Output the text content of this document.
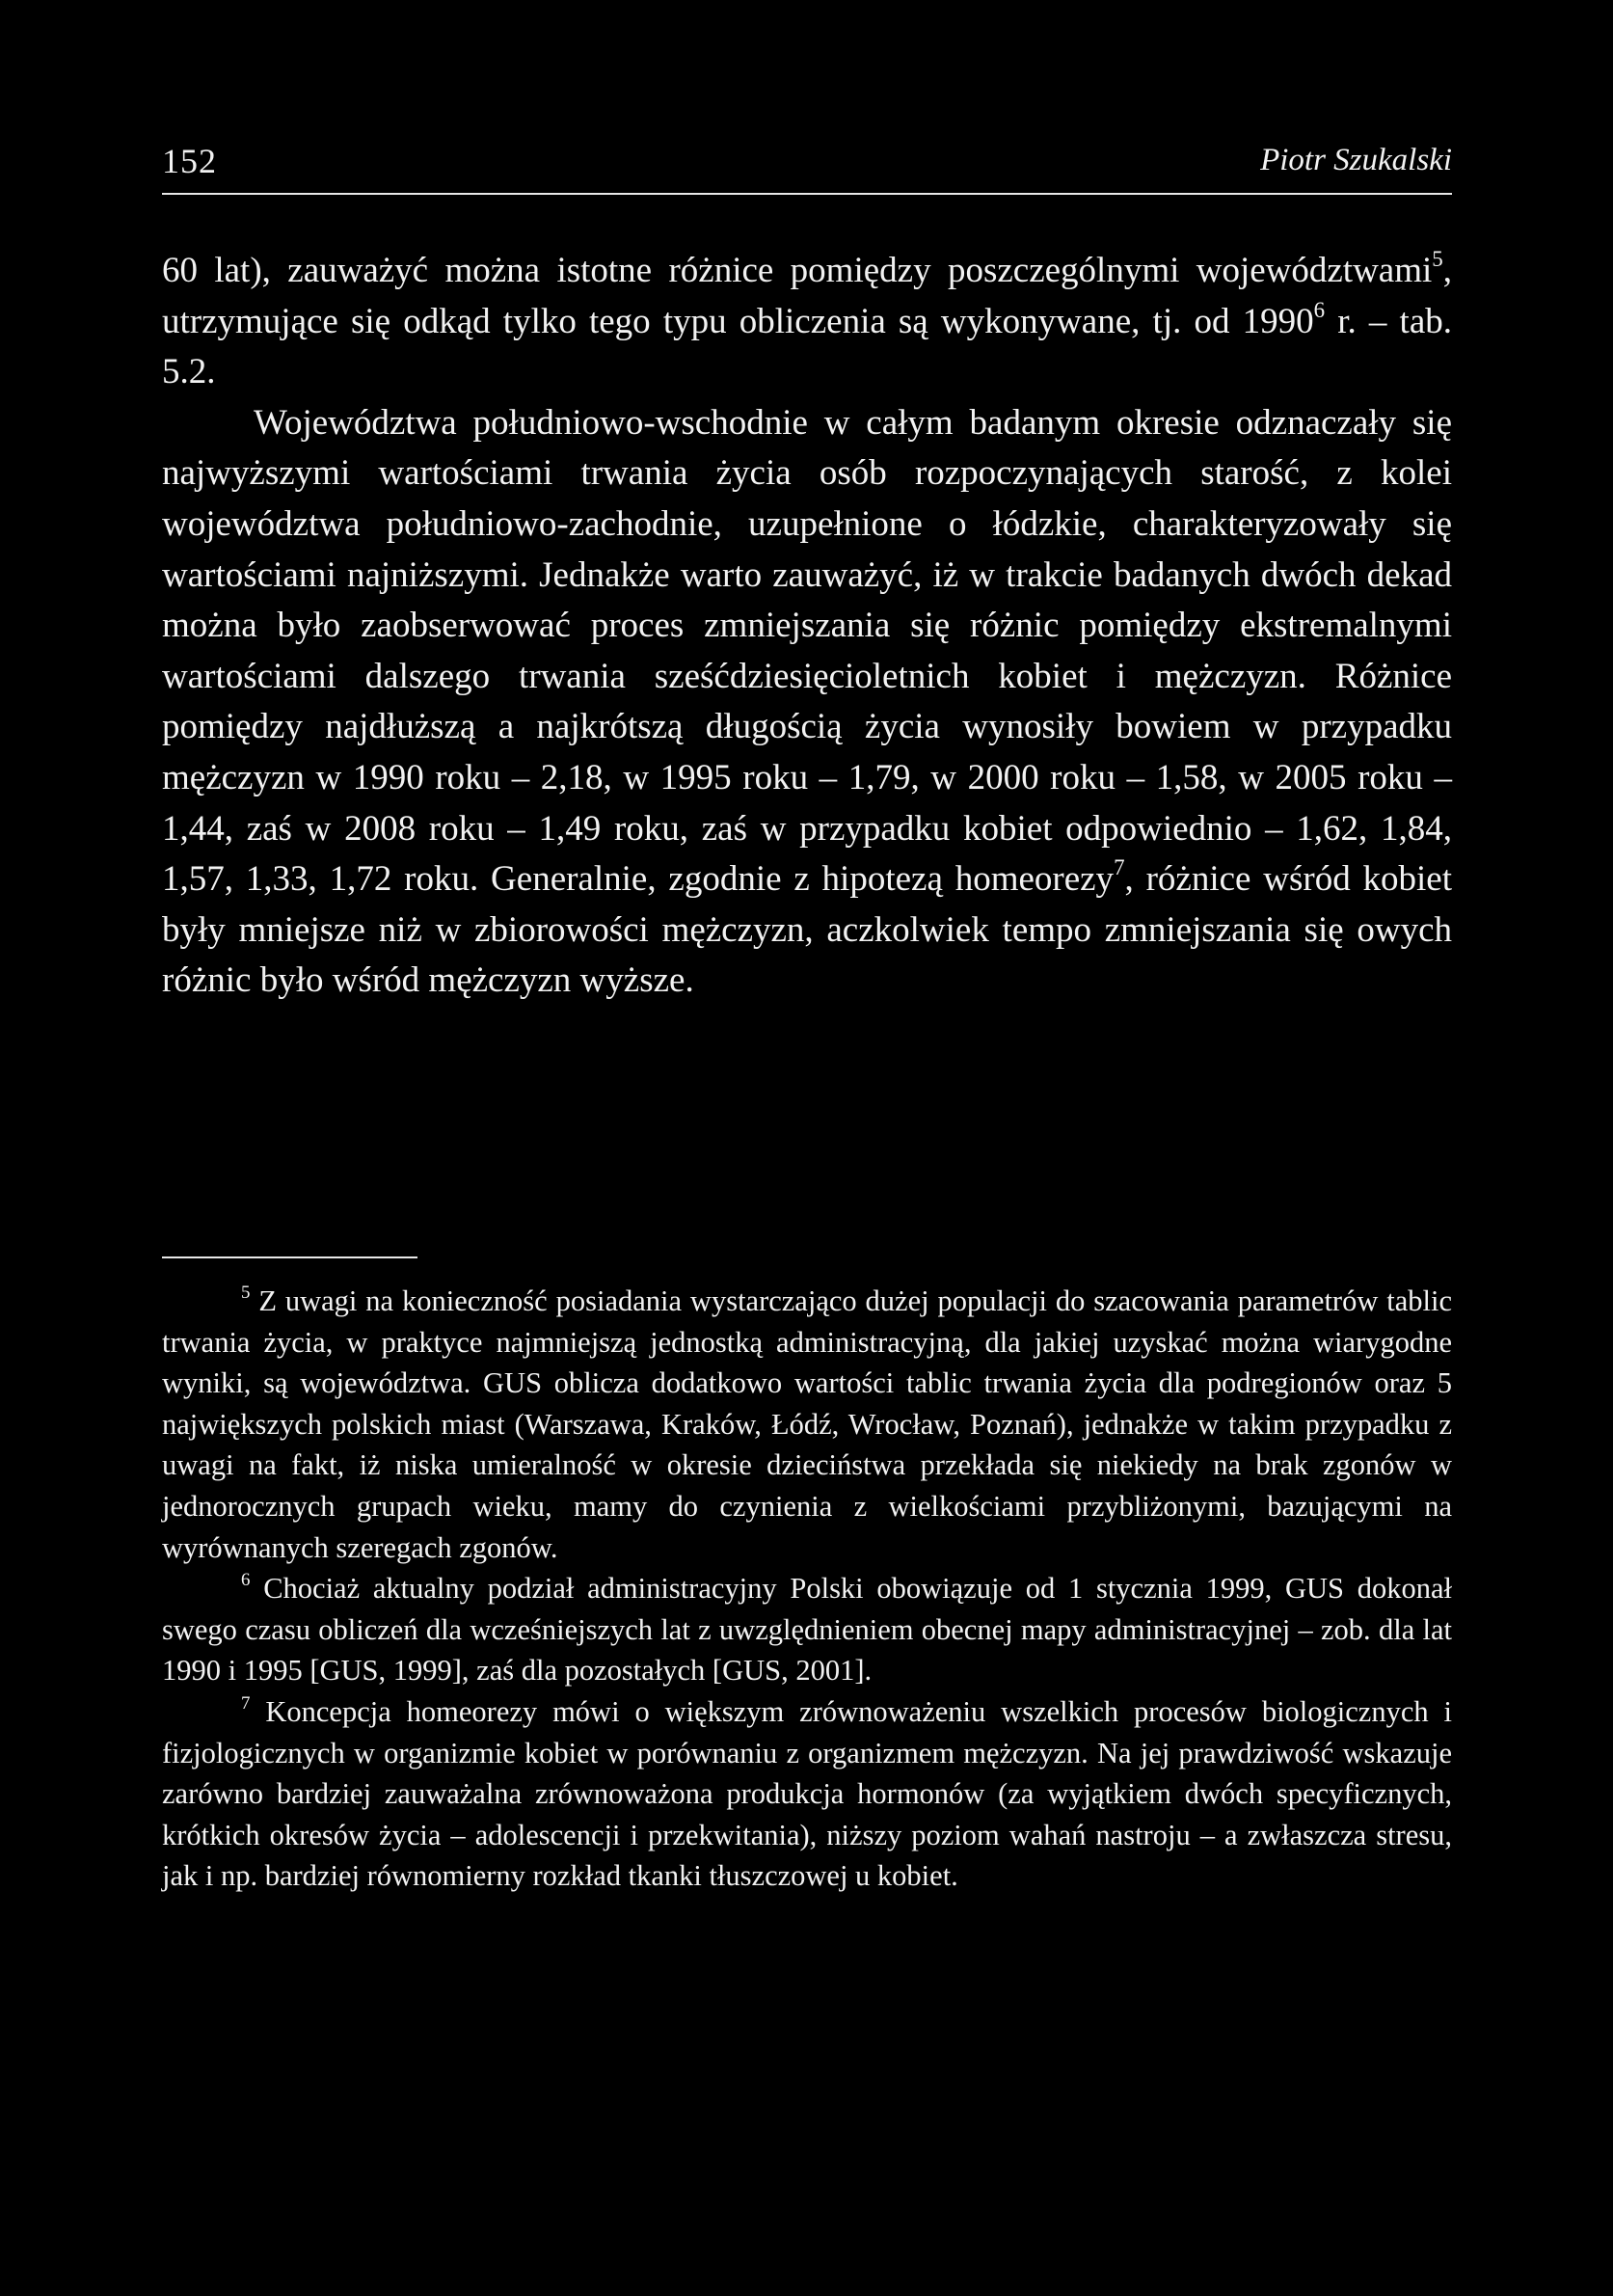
152	Piotr Szukalski

60 lat), zauważyć można istotne różnice pomiędzy poszczególnymi województwami$^5$, utrzymujące się odkąd tylko tego typu obliczenia są wykonywane, tj. od 1990$^6$ r. – tab. 5.2.

Województwa południowo-wschodnie w całym badanym okresie odznaczały się najwyższymi wartościami trwania życia osób rozpoczynających starość, z kolei województwa południowo-zachodnie, uzupełnione o łódzkie, charakteryzowały się wartościami najniższymi. Jednakże warto zauważyć, iż w trakcie badanych dwóch dekad można było zaobserwować proces zmniejszania się różnic pomiędzy ekstremalnymi wartościami dalszego trwania sześćdziesięcioletnich kobiet i mężczyzn. Różnice pomiędzy najdłuższą a najkrótszą długością życia wynosiły bowiem w przypadku mężczyzn w 1990 roku – 2,18, w 1995 roku – 1,79, w 2000 roku – 1,58, w 2005 roku – 1,44, zaś w 2008 roku – 1,49 roku, zaś w przypadku kobiet odpowiednio – 1,62, 1,84, 1,57, 1,33, 1,72 roku. Generalnie, zgodnie z hipotezą homeorezy$^7$, różnice wśród kobiet były mniejsze niż w zbiorowości mężczyzn, aczkolwiek tempo zmniejszania się owych różnic było wśród mężczyzn wyższe.

$^5$ Z uwagi na konieczność posiadania wystarczająco dużej populacji do szacowania parametrów tablic trwania życia, w praktyce najmniejszą jednostką administracyjną, dla jakiej uzyskać można wiarygodne wyniki, są województwa. GUS oblicza dodatkowo wartości tablic trwania życia dla podregionów oraz 5 największych polskich miast (Warszawa, Kraków, Łódź, Wrocław, Poznań), jednakże w takim przypadku z uwagi na fakt, iż niska umieralność w okresie dzieciństwa przekłada się niekiedy na brak zgonów w jednorocznych grupach wieku, mamy do czynienia z wielkościami przybliżonymi, bazującymi na wyrównanych szeregach zgonów.

$^6$ Chociaż aktualny podział administracyjny Polski obowiązuje od 1 stycznia 1999, GUS dokonał swego czasu obliczeń dla wcześniejszych lat z uwzględnieniem obecnej mapy administracyjnej – zob. dla lat 1990 i 1995 [GUS, 1999], zaś dla pozostałych [GUS, 2001].

$^7$ Koncepcja homeorezy mówi o większym zrównoważeniu wszelkich procesów biologicznych i fizjologicznych w organizmie kobiet w porównaniu z organizmem mężczyzn. Na jej prawdziwość wskazuje zarówno bardziej zauważalna zrównoważona produkcja hormonów (za wyjątkiem dwóch specyficznych, krótkich okresów życia – adolescencji i przekwitania), niższy poziom wahań nastroju – a zwłaszcza stresu, jak i np. bardziej równomierny rozkład tkanki tłuszczowej u kobiet.
